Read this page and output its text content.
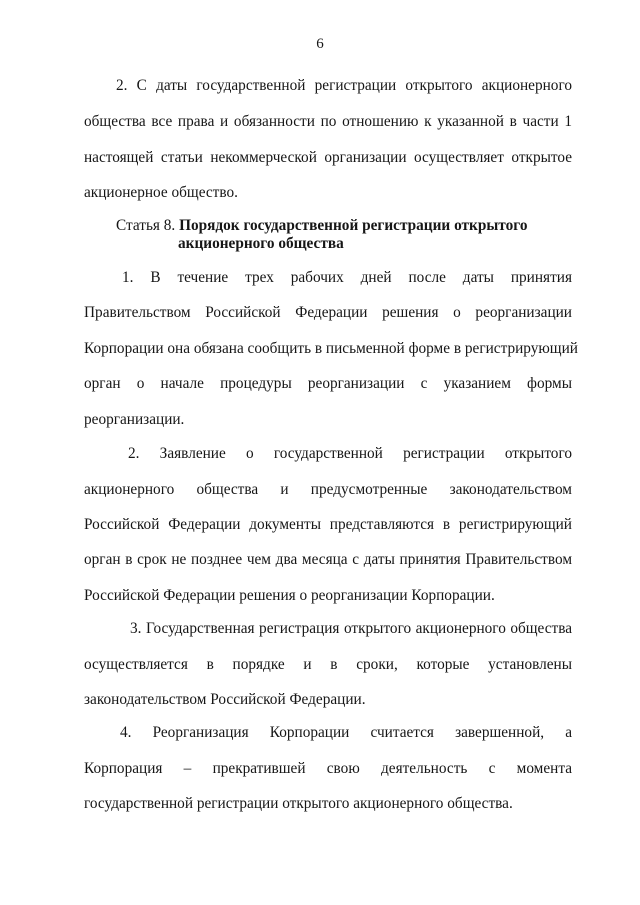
6
2. С даты государственной регистрации открытого акционерного
общества все права и обязанности по отношению к указанной в части 1
настоящей статьи некоммерческой организации осуществляет открытое
акционерное общество.
Статья 8. Порядок государственной регистрации открытого
акционерного общества
1. В течение трех рабочих дней после даты принятия
Правительством Российской Федерации решения о реорганизации
Корпорации она обязана сообщить в письменной форме в регистрирующий
орган о начале процедуры реорганизации с указанием формы
реорганизации.
2. Заявление о государственной регистрации открытого
акционерного общества и предусмотренные законодательством
Российской Федерации документы представляются в регистрирующий
орган в срок не позднее чем два месяца с даты принятия Правительством
Российской Федерации решения о реорганизации Корпорации.
3. Государственная регистрация открытого акционерного общества
осуществляется в порядке и в сроки, которые установлены
законодательством Российской Федерации.
4. Реорганизация Корпорации считается завершенной, а
Корпорация – прекратившей свою деятельность с момента
государственной регистрации открытого акционерного общества.
